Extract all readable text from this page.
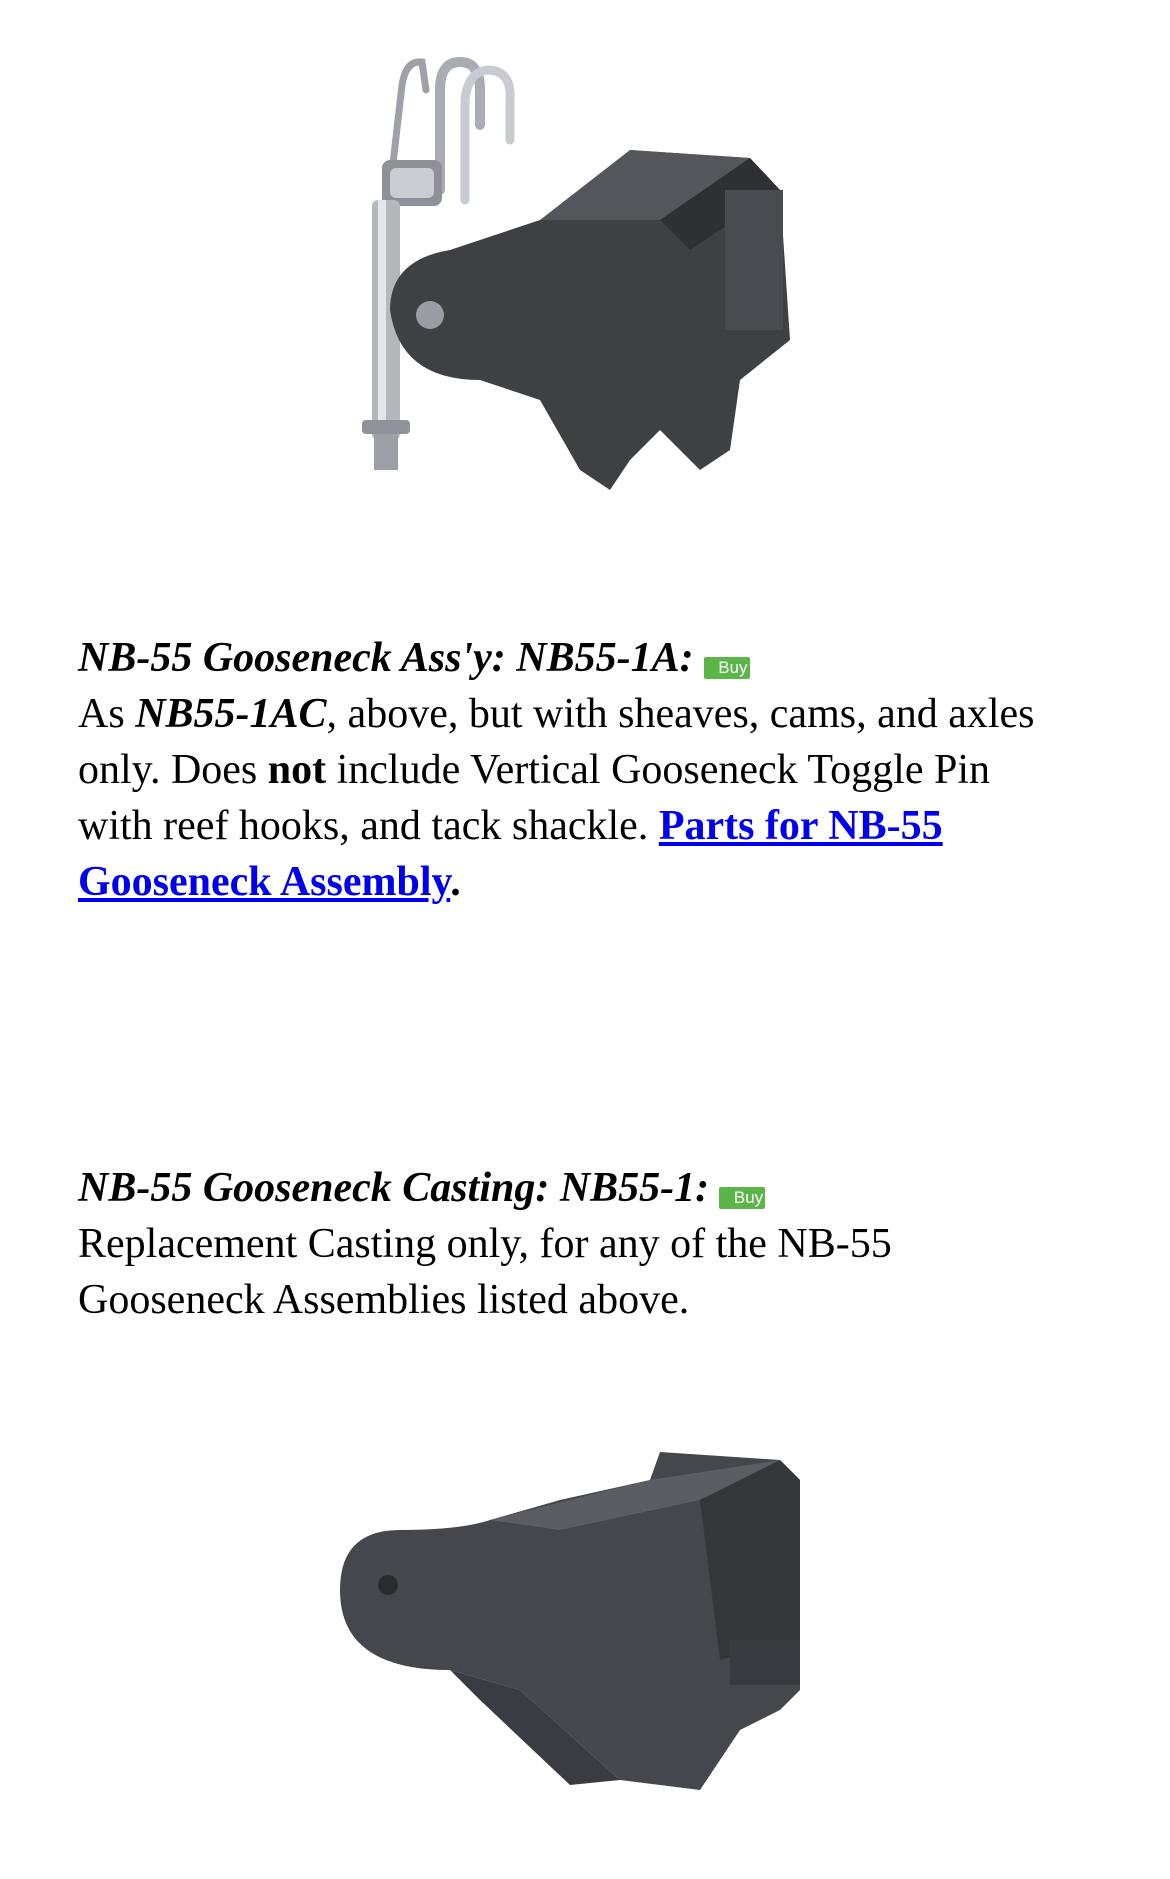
NB-55 Gooseneck Ass'y: NB55-1A: Buy
As NB55-1AC, above, but with sheaves, cams, and axles only. Does not include Vertical Gooseneck Toggle Pin with reef hooks, and tack shackle. Parts for NB-55 Gooseneck Assembly.
NB-55 Gooseneck Casting: NB55-1: Buy
Replacement Casting only, for any of the NB-55 Gooseneck Assemblies listed above.
